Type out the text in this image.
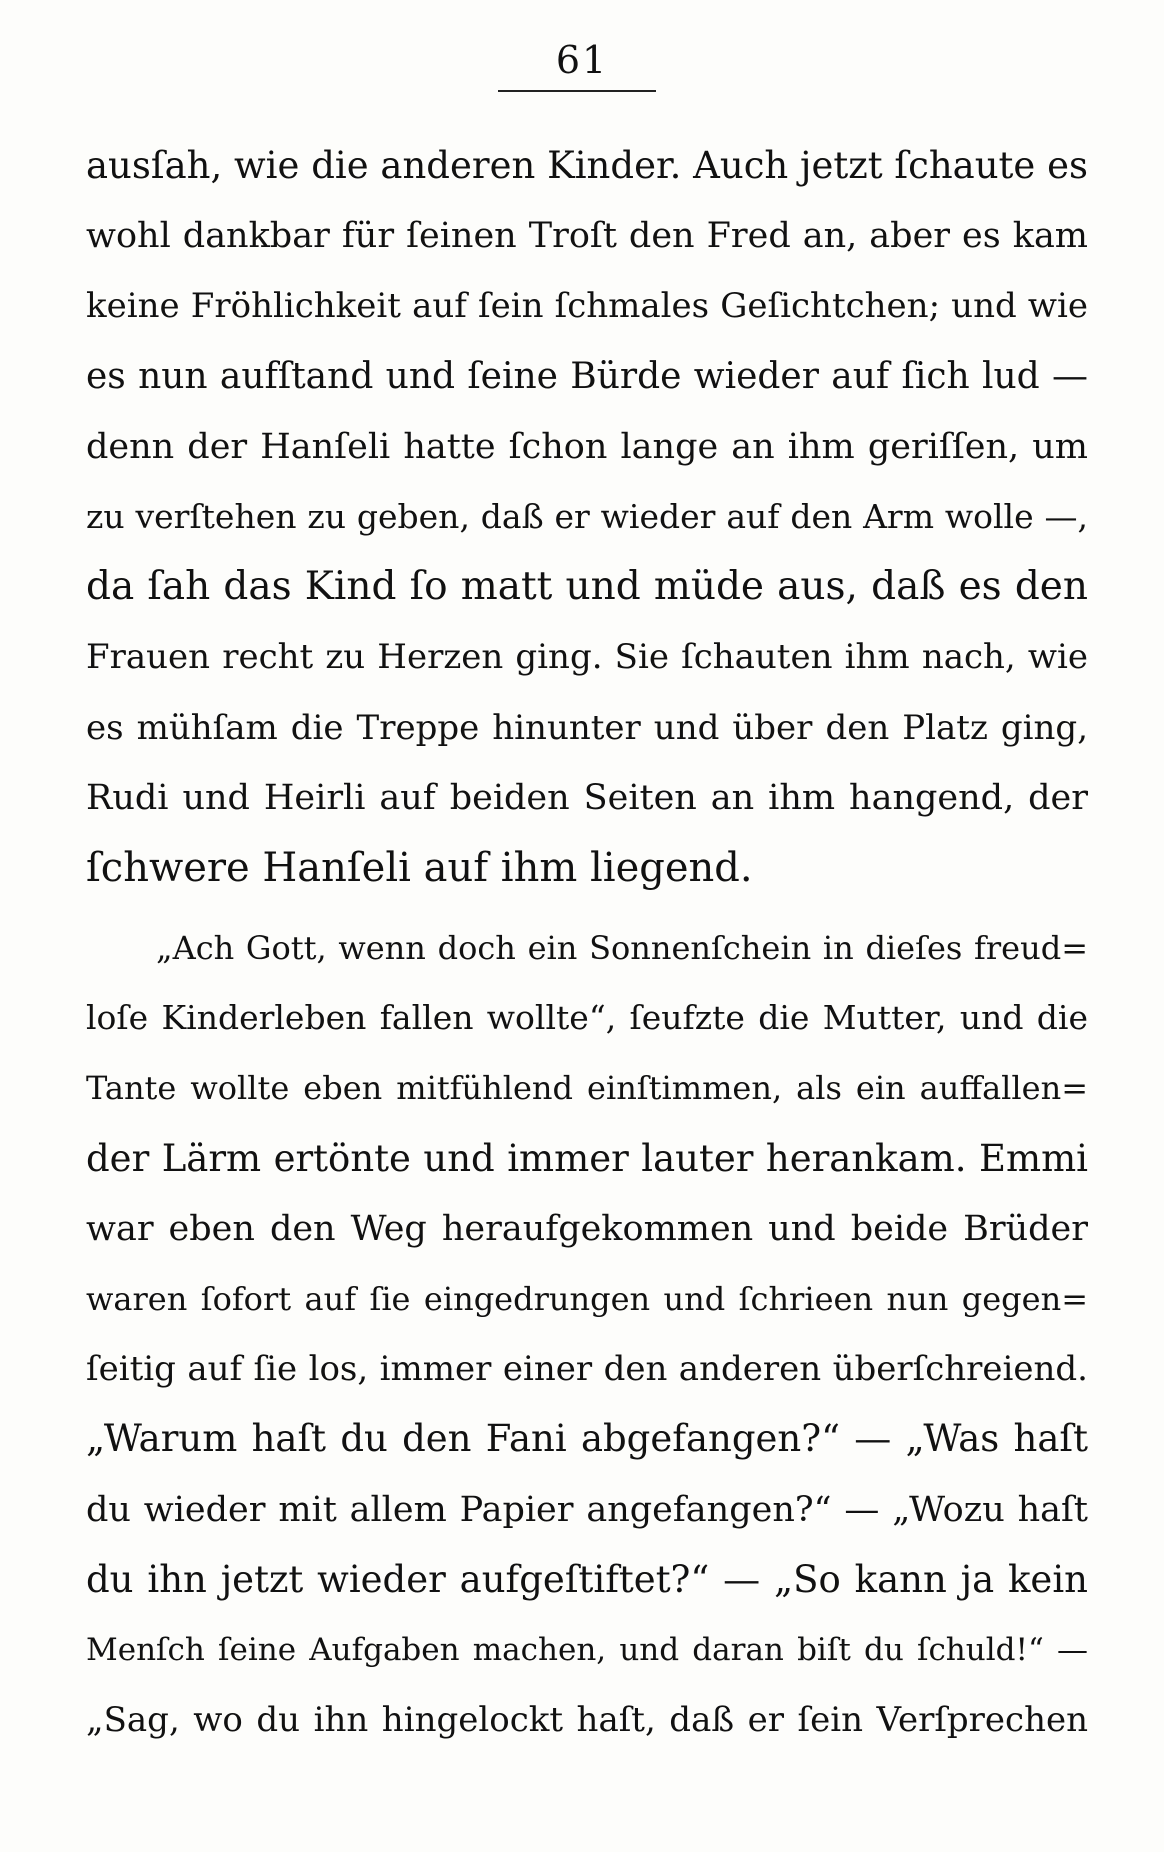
61
ausſah, wie die anderen Kinder. Auch jetzt ſchaute es
wohl dankbar für ſeinen Troſt den Fred an, aber es kam
keine Fröhlichkeit auf ſein ſchmales Geſichtchen; und wie
es nun aufſtand und ſeine Bürde wieder auf ſich lud —
denn der Hanſeli hatte ſchon lange an ihm geriſſen, um
zu verſtehen zu geben, daß er wieder auf den Arm wolle —,
da ſah das Kind ſo matt und müde aus, daß es den
Frauen recht zu Herzen ging. Sie ſchauten ihm nach, wie
es mühſam die Treppe hinunter und über den Platz ging,
Rudi und Heirli auf beiden Seiten an ihm hangend, der
ſchwere Hanſeli auf ihm liegend.
„Ach Gott, wenn doch ein Sonnenſchein in dieſes freud=
loſe Kinderleben fallen wollte“, ſeufzte die Mutter, und die
Tante wollte eben mitfühlend einſtimmen, als ein auffallen=
der Lärm ertönte und immer lauter herankam. Emmi
war eben den Weg heraufgekommen und beide Brüder
waren ſofort auf ſie eingedrungen und ſchrieen nun gegen=
ſeitig auf ſie los, immer einer den anderen überſchreiend.
„Warum haſt du den Fani abgefangen?“ — „Was haſt
du wieder mit allem Papier angefangen?“ — „Wozu haſt
du ihn jetzt wieder aufgeſtiftet?“ — „So kann ja kein
Menſch ſeine Aufgaben machen, und daran biſt du ſchuld!“ —
„Sag, wo du ihn hingelockt haſt, daß er ſein Verſprechen
